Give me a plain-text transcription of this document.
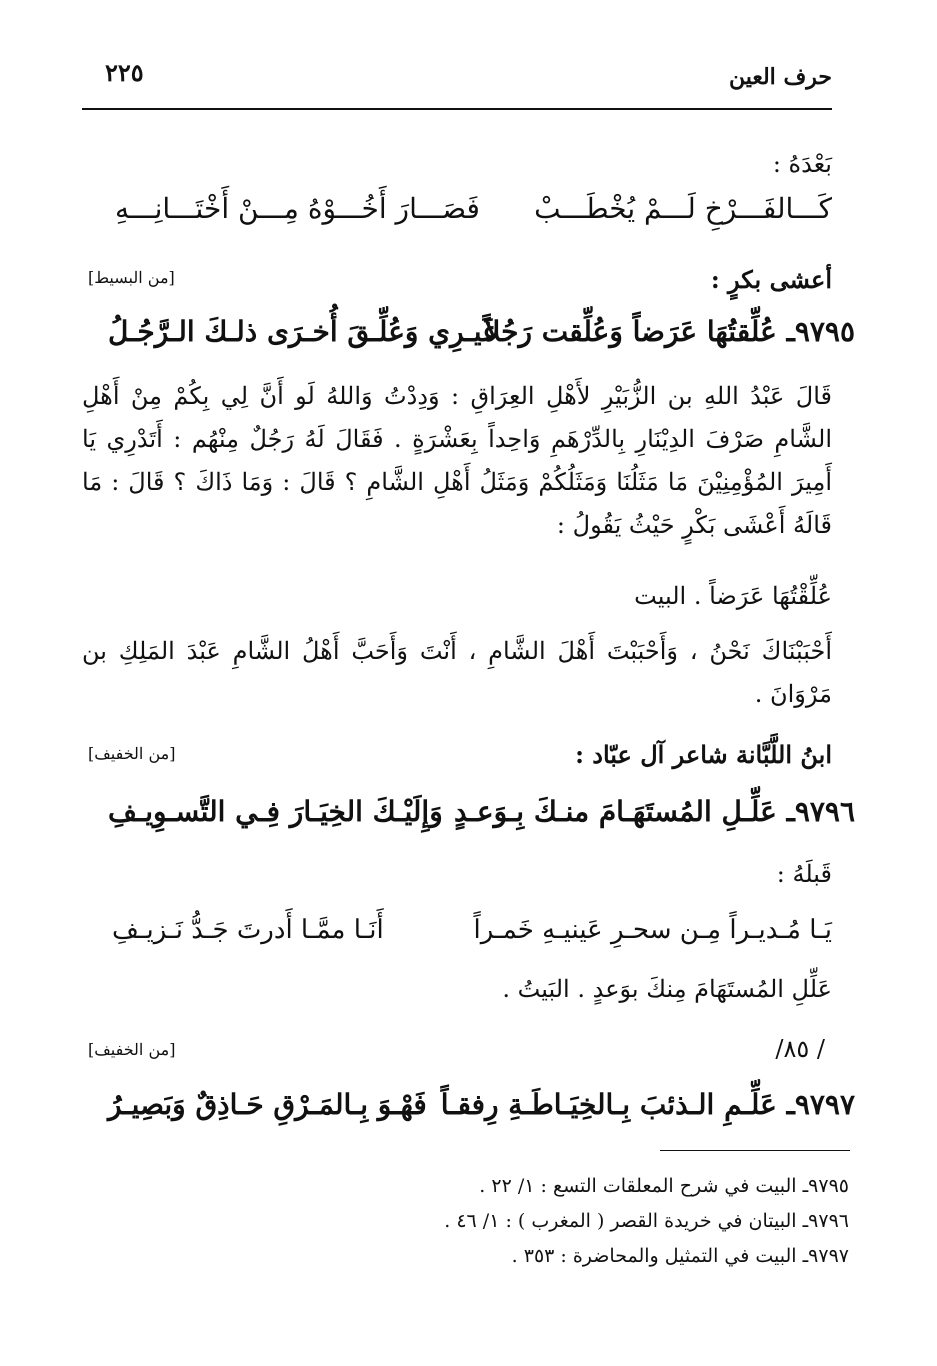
حرف العين
٢٢٥
بَعْدَهُ :
كَـــالفَـــرْخِ لَـــمْ يُخْطَـــبْ
فَصَـــارَ أَخُـــوْهُ مِـــنْ أَخْتَـــانِـــهِ
أعشى بكرٍ :
[من البسيط]
٩٧٩٥ـ عُلِّقتُهَا عَرَضاً وَعُلِّقت رَجُلاً
غَيـرِي وَعُلِّـقَ أُخـرَى ذلـكَ الـرَّجُـلُ
قَالَ عَبْدُ اللهِ بن الزُّبَيْرِ لأَهْلِ العِرَاقِ : وَدِدْتُ وَاللهُ لَو أَنَّ لِي بِكُمْ مِنْ أَهْلِ الشَّامِ صَرْفَ الدِيْنَارِ بِالدِّرْهَمِ وَاحِداً بِعَشْرَةٍ . فَقَالَ لَهُ رَجُلٌ مِنْهُم : أَتَدْرِي يَا أَمِيرَ المُؤْمِنِيْنَ مَا مَثَلُنَا وَمَثَلُكُمْ وَمَثَلُ أَهْلِ الشَّامِ ؟ قَالَ : وَمَا ذَاكَ ؟ قَالَ : مَا قَالَهُ أَعْشَى بَكْرٍ حَيْثُ يَقُولُ :
عُلِّقْتُهَا عَرَضاً . البيت
أَحْبَبْنَاكَ نَحْنُ ، وَأَحْبَبْتَ أَهْلَ الشَّامِ ، أَنْتَ وَأَحَبَّ أَهْلُ الشَّامِ عَبْدَ المَلِكِ بن مَرْوَانَ .
ابنُ اللَّبَّانة شاعر آل عبّاد :
[من الخفيف]
٩٧٩٦ـ عَلِّـلِ المُستَهَـامَ منـكَ بِـوَعـدٍ
وَإِلَيْـكَ الخِيَـارَ فِـي التَّسـوِيـفِ
قَبلَهُ :
يَـا مُـديـراً مِـن سحـرِ عَينيـهِ خَمـراً
أَنَـا ممَّـا أَدرتَ جَـدُّ نَـزيـفِ
عَلِّلِ المُستَهَامَ مِنكَ بوَعدٍ . البَيتُ .
/ ٨٥/
[من الخفيف]
٩٧٩٧ـ عَلِّـمِ الـذئبَ بِـالخِيَـاطَـةِ رِفقـاً
فَهْـوَ بِـالمَـرْقِ حَـاذِقٌ وَبَصِيـرُ
٩٧٩٥ـ البيت في شرح المعلقات التسع : ١/ ٢٢ .
٩٧٩٦ـ البيتان في خريدة القصر ( المغرب ) : ١/ ٤٦ .
٩٧٩٧ـ البيت في التمثيل والمحاضرة : ٣٥٣ .
